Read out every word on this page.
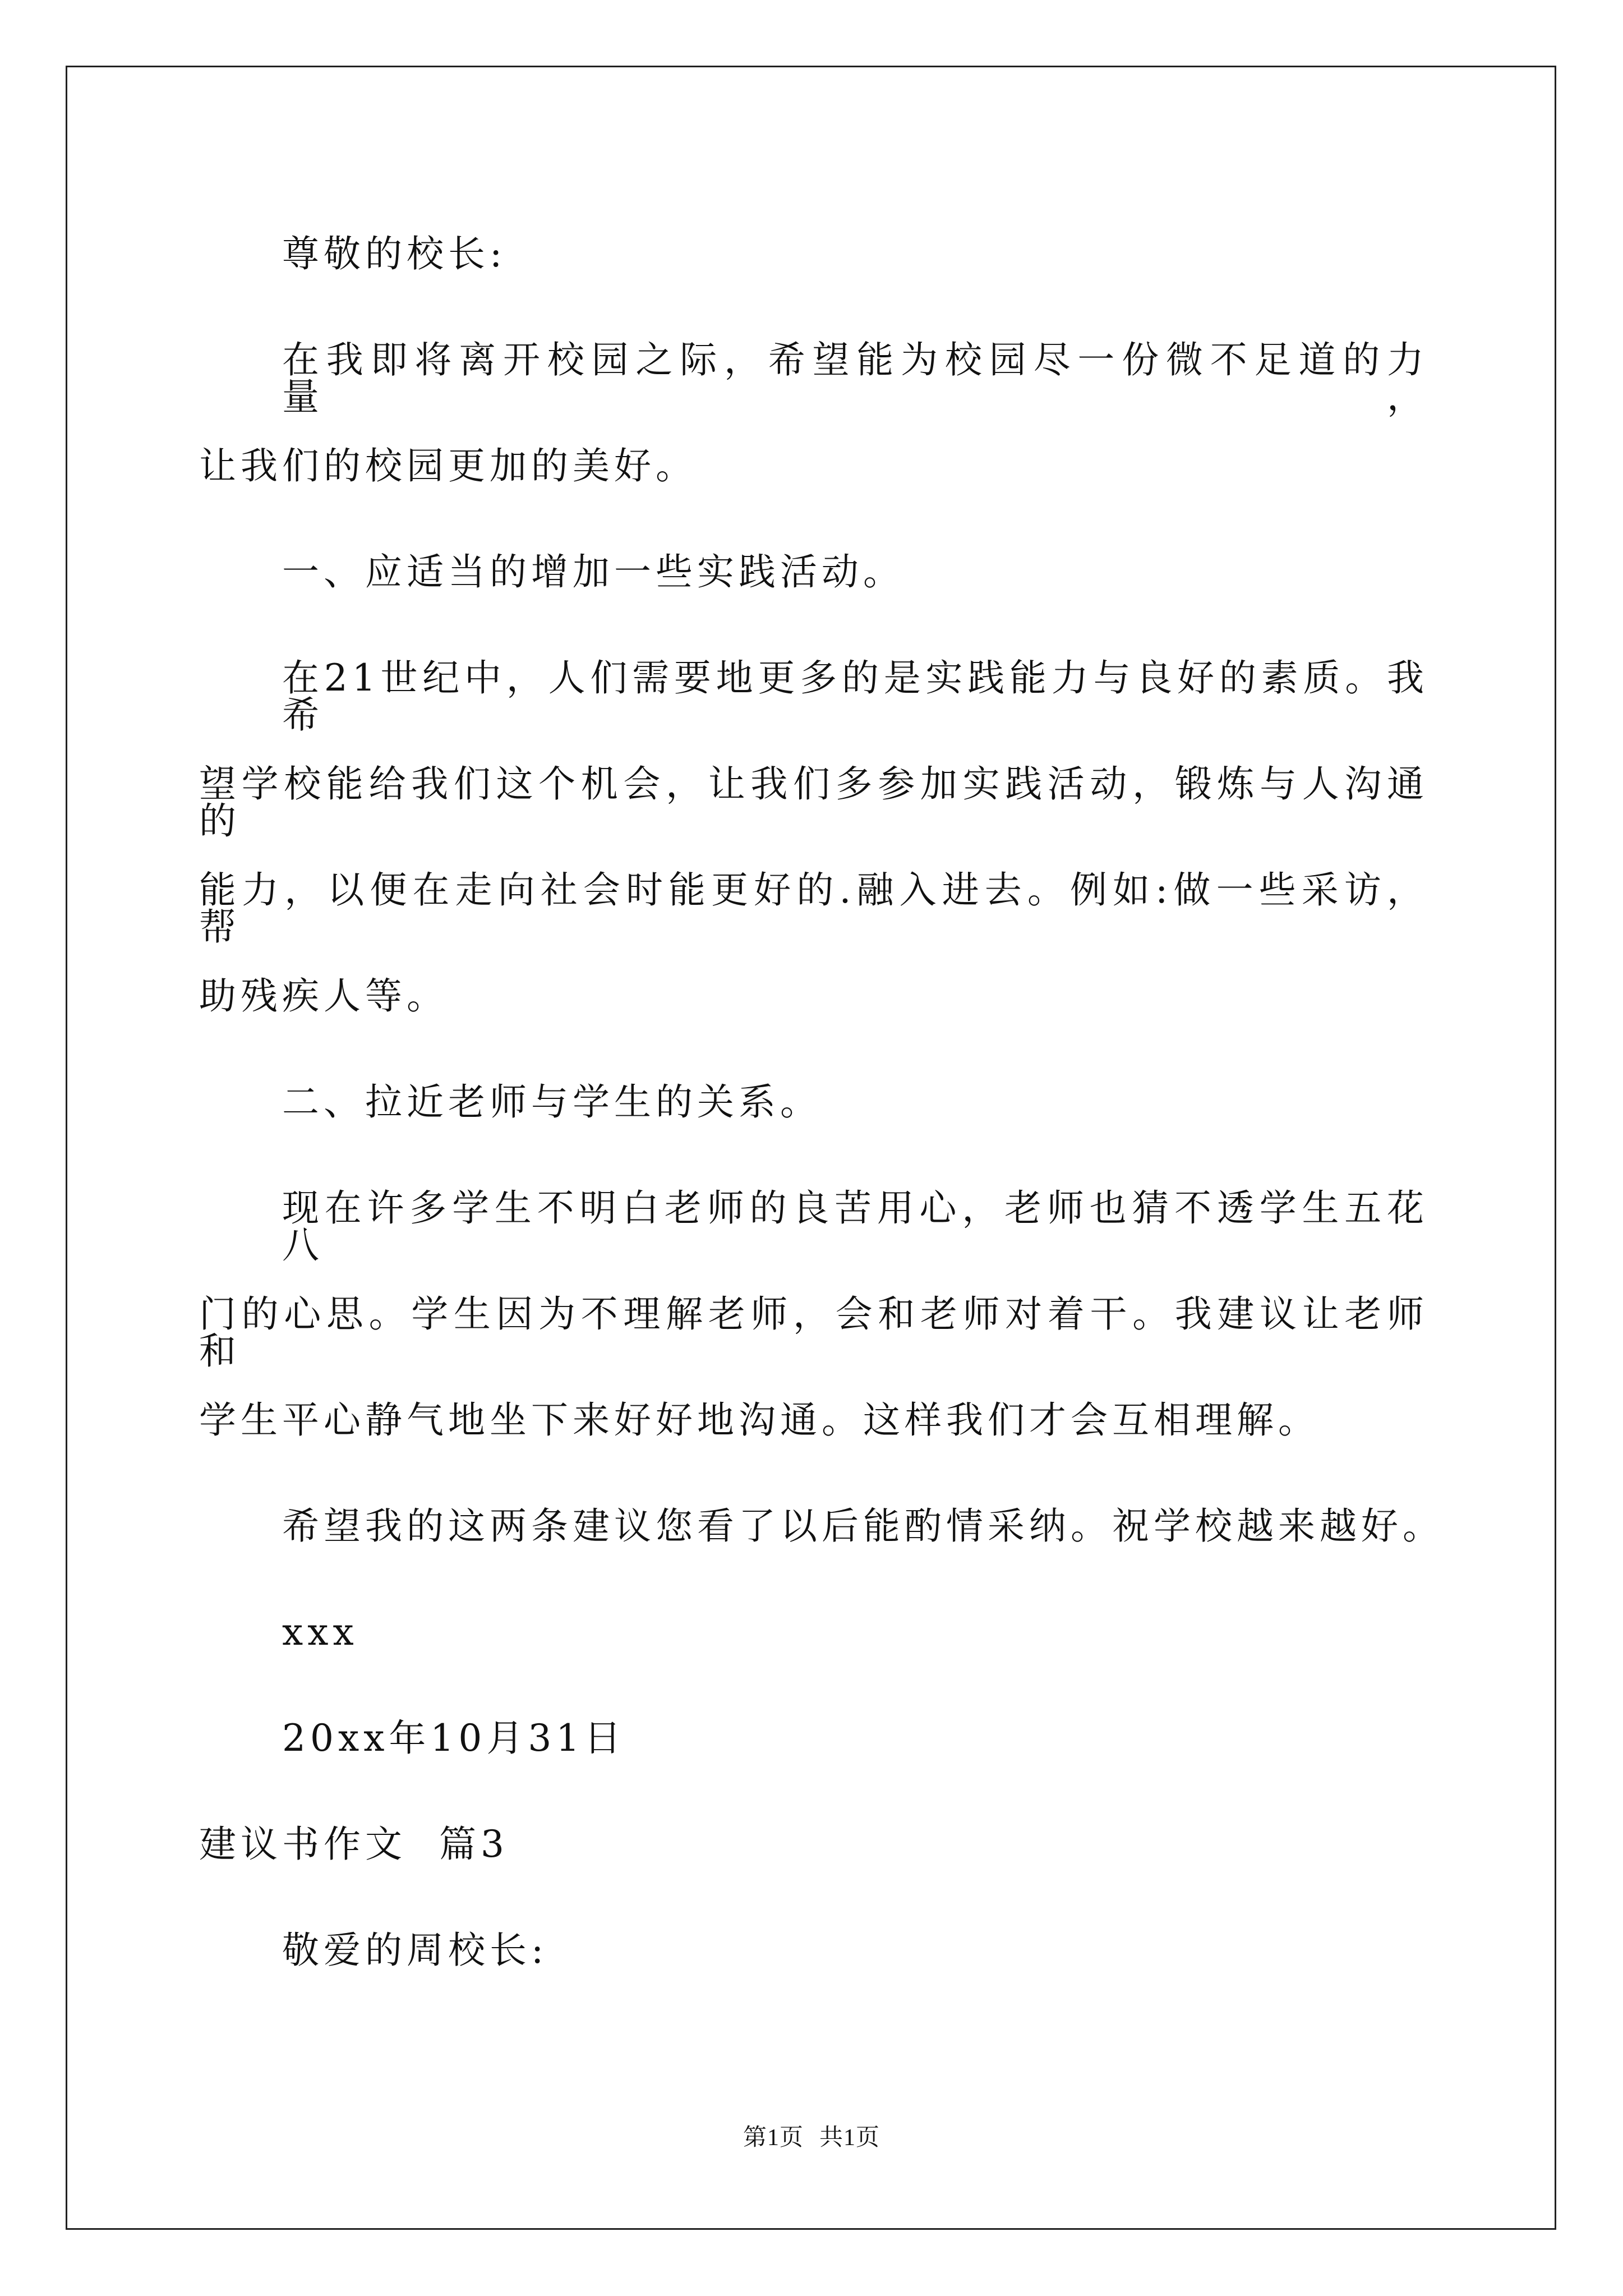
尊敬的校长:
在我即将离开校园之际，希望能为校园尽一份微不足道的力量，
让我们的校园更加的美好。
一、应适当的增加一些实践活动。
在21世纪中，人们需要地更多的是实践能力与良好的素质。我希
望学校能给我们这个机会，让我们多参加实践活动，锻炼与人沟通的
能力，以便在走向社会时能更好的.融入进去。例如:做一些采访，帮
助残疾人等。
二、拉近老师与学生的关系。
现在许多学生不明白老师的良苦用心，老师也猜不透学生五花八
门的心思。学生因为不理解老师，会和老师对着干。我建议让老师和
学生平心静气地坐下来好好地沟通。这样我们才会互相理解。
希望我的这两条建议您看了以后能酌情采纳。祝学校越来越好。
xxx
20xx年10月31日
建议书作文  篇3
敬爱的周校长:
第1页 共1页
